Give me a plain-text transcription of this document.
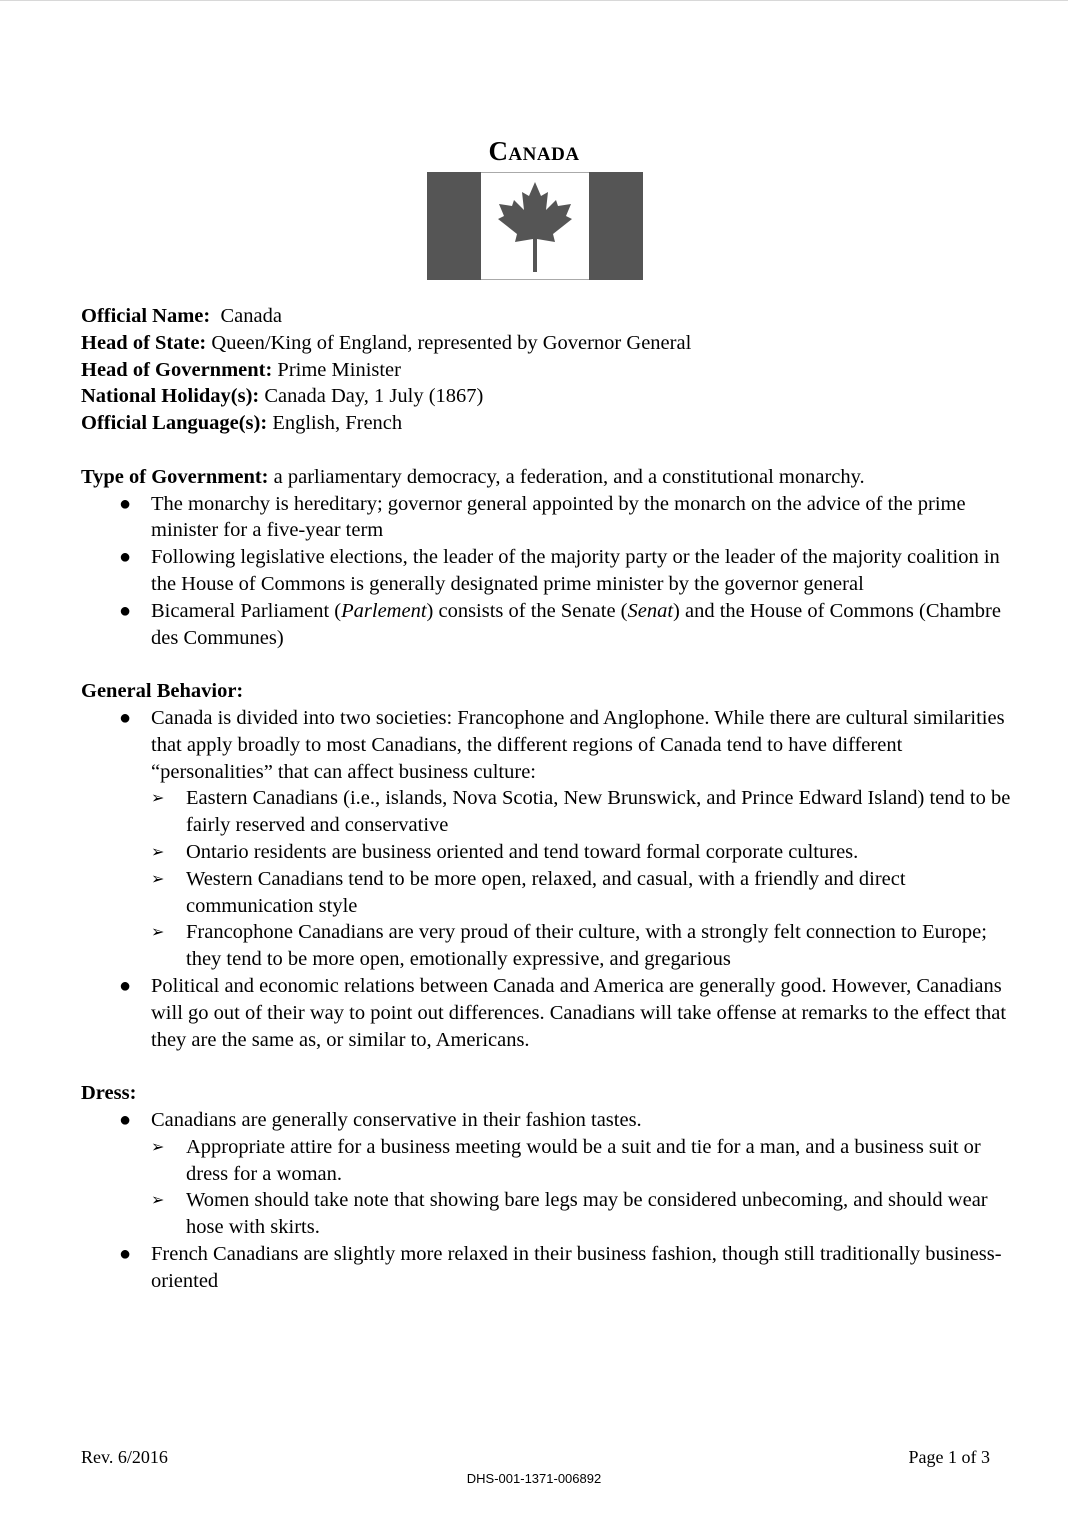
Canada

Official Name:  Canada

Head of State: Queen/King of England, represented by Governor General

Head of Government: Prime Minister

National Holiday(s): Canada Day, 1 July (1867)

Official Language(s): English, French

Type of Government: a parliamentary democracy, a federation, and a constitutional monarchy.

● The monarchy is hereditary; governor general appointed by the monarch on the advice of the prime minister for a five-year term
● Following legislative elections, the leader of the majority party or the leader of the majority coalition in the House of Commons is generally designated prime minister by the governor general
● Bicameral Parliament (Parlement) consists of the Senate (Senat) and the House of Commons (Chambre des Communes)

General Behavior:

● Canada is divided into two societies: Francophone and Anglophone. While there are cultural similarities that apply broadly to most Canadians, the different regions of Canada tend to have different “personalities” that can affect business culture:
➢ Eastern Canadians (i.e., islands, Nova Scotia, New Brunswick, and Prince Edward Island) tend to be fairly reserved and conservative
➢ Ontario residents are business oriented and tend toward formal corporate cultures.
➢ Western Canadians tend to be more open, relaxed, and casual, with a friendly and direct communication style
➢ Francophone Canadians are very proud of their culture, with a strongly felt connection to Europe; they tend to be more open, emotionally expressive, and gregarious
● Political and economic relations between Canada and America are generally good. However, Canadians will go out of their way to point out differences. Canadians will take offense at remarks to the effect that they are the same as, or similar to, Americans.

Dress:

● Canadians are generally conservative in their fashion tastes.
➢ Appropriate attire for a business meeting would be a suit and tie for a man, and a business suit or dress for a woman.
➢ Women should take note that showing bare legs may be considered unbecoming, and should wear hose with skirts.
● French Canadians are slightly more relaxed in their business fashion, though still traditionally business-oriented
Rev. 6/2016	Page 1 of 3
DHS-001-1371-006892
